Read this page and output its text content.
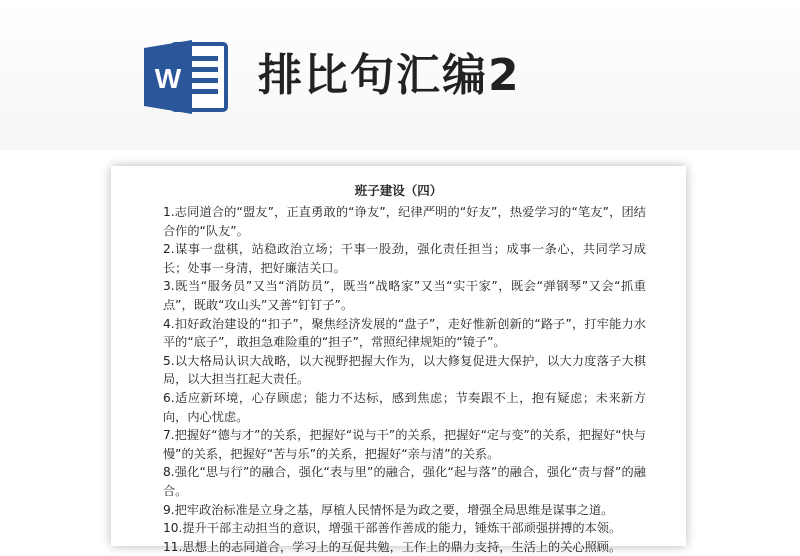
W 排比句汇编2
班子建设（四）

1.志同道合的“盟友”，正直勇敢的“诤友”，纪律严明的“好友”，热爱学习的“笔友”，团结合作的“队友”。

2.谋事一盘棋，站稳政治立场；干事一股劲，强化责任担当；成事一条心，共同学习成长；处事一身清，把好廉洁关口。

3.既当“服务员”又当“消防员”，既当“战略家”又当“实干家”，既会“弹钢琴”又会“抓重点”，既敢“攻山头”又善“钉钉子”。

4.扣好政治建设的“扣子”，聚焦经济发展的“盘子”，走好惟新创新的“路子”，打牢能力水平的“底子”，敢担急难险重的“担子”，常照纪律规矩的“镜子”。

5.以大格局认识大战略，以大视野把握大作为，以大修复促进大保护，以大力度落子大棋局，以大担当扛起大责任。

6.适应新环境，心存顾虑；能力不达标，感到焦虑；节奏跟不上，抱有疑虑；未来新方向，内心忧虑。

7.把握好“德与才”的关系，把握好“说与干”的关系，把握好“定与变”的关系，把握好“快与慢”的关系，把握好“苦与乐”的关系，把握好“亲与清”的关系。

8.强化“思与行”的融合，强化“表与里”的融合，强化“起与落”的融合，强化“责与督”的融合。

9.把牢政治标准是立身之基，厚植人民情怀是为政之要，增强全局思维是谋事之道。

10.提升干部主动担当的意识，增强干部善作善成的能力，锤炼干部顽强拼搏的本领。

11.思想上的志同道合，学习上的互促共勉，工作上的鼎力支持，生活上的关心照顾。
